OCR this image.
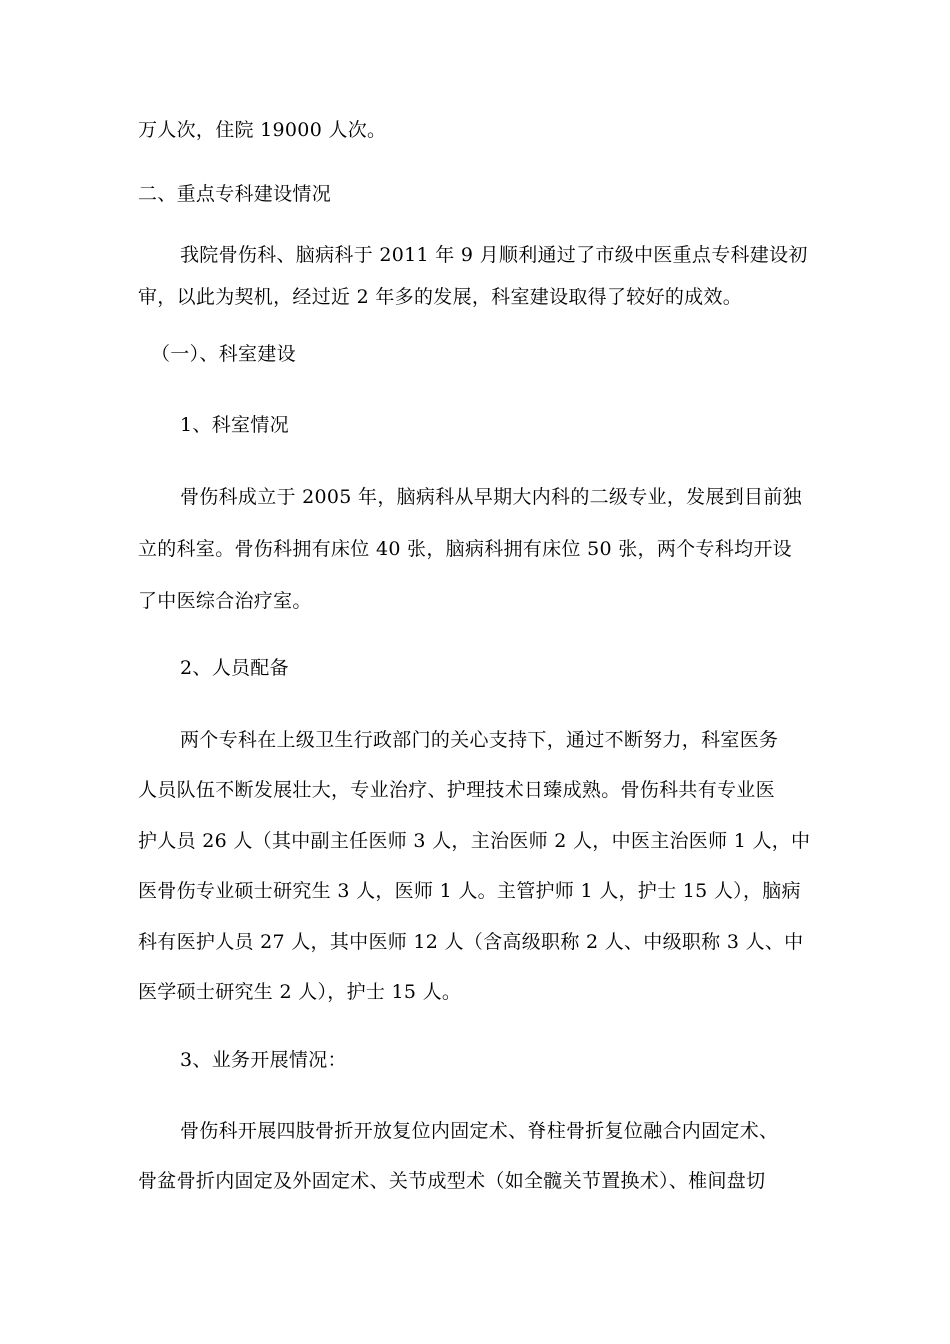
万人次，住院 19000 人次。
二、重点专科建设情况
我院骨伤科、脑病科于 2011 年 9 月顺利通过了市级中医重点专科建设初
审，以此为契机，经过近 2 年多的发展，科室建设取得了较好的成效。
（一）、科室建设
1、科室情况
骨伤科成立于 2005 年，脑病科从早期大内科的二级专业，发展到目前独
立的科室。骨伤科拥有床位 40 张，脑病科拥有床位 50 张，两个专科均开设
了中医综合治疗室。
2、人员配备
两个专科在上级卫生行政部门的关心支持下，通过不断努力，科室医务
人员队伍不断发展壮大，专业治疗、护理技术日臻成熟。骨伤科共有专业医
护人员 26 人（其中副主任医师 3 人，主治医师 2 人，中医主治医师 1 人，中
医骨伤专业硕士研究生 3 人，医师 1 人。主管护师 1 人，护士 15 人），脑病
科有医护人员 27 人，其中医师 12 人（含高级职称 2 人、中级职称 3 人、中
医学硕士研究生 2 人），护士 15 人。
3、业务开展情况：
骨伤科开展四肢骨折开放复位内固定术、脊柱骨折复位融合内固定术、
骨盆骨折内固定及外固定术、关节成型术（如全髋关节置换术）、椎间盘切
